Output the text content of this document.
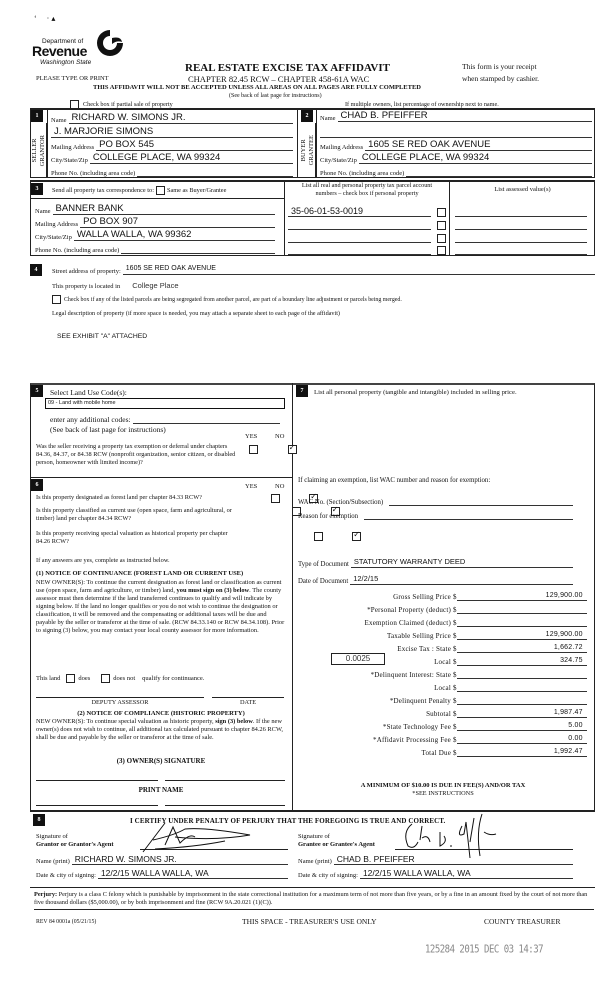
‘     · ▴
Department of
Revenue
Washington State	REAL ESTATE EXCISE TAX AFFIDAVIT	This form is your receipt
PLEASE TYPE OR PRINT	CHAPTER 82.45 RCW – CHAPTER 458-61A WAC	when stamped by cashier.
THIS AFFIDAVIT WILL NOT BE ACCEPTED UNLESS ALL AREAS ON ALL PAGES ARE FULLY COMPLETED
(See back of last page for instructions)
Check box if partial sale of property	If multiple owners, list percentage of ownership next to name.
1
SELLER
GRANTOR
Name RICHARD W. SIMONS JR.
J. MARJORIE SIMONS
Mailing Address PO BOX 545
City/State/Zip COLLEGE PLACE, WA 99324
Phone No. (including area code)
2
BUYER
GRANTEE
Name CHAD B. PFEIFFER
Mailing Address 1605 SE RED OAK AVENUE
City/State/Zip COLLEGE PLACE, WA 99324
Phone No. (including area code)
3	Send all property tax correspondence to: Same as Buyer/Grantee
Name BANNER BANK
Mailing Address PO BOX 907
City/State/Zip WALLA WALLA, WA 99362
Phone No. (including area code)
List all real and personal property tax parcel account
numbers – check box if personal property
List assessed value(s)
35-06-01-53-0019
4	Street address of property: 1605 SE RED OAK AVENUE
This property is located in College Place
Check box if any of the listed parcels are being segregated from another parcel, are part of a boundary line adjustment or parcels being merged.
Legal description of property (if more space is needed, you may attach a separate sheet to each page of the affidavit)
SEE EXHIBIT "A" ATTACHED
5	Select Land Use Code(s):
09 - Land with mobile home
enter any additional codes:
(See back of last page for instructions)
YES	NO
Was the seller receiving a property tax exemption or deferral under chapters 84.36, 84.37, or 84.38 RCW (nonprofit organization, senior citizen, or disabled person, homeowner with limited income)?
✓
6	YES	NO
Is this property designated as forest land per chapter 84.33 RCW?
✓
Is this property classified as current use (open space, farm and agricultural, or timber) land per chapter 84.34 RCW?
✓
Is this property receiving special valuation as historical property per chapter 84.26 RCW?
✓
If any answers are yes, complete as instructed below.
(1) NOTICE OF CONTINUANCE (FOREST LAND OR CURRENT USE)
NEW OWNER(S): To continue the current designation as forest land or classification as current use (open space, farm and agriculture, or timber) land, you must sign on (3) below. The county assessor must then determine if the land transferred continues to qualify and will indicate by signing below. If the land no longer qualifies or you do not wish to continue the designation or classification, it will be removed and the compensating or additional taxes will be due and payable by the seller or transferor at the time of sale. (RCW 84.33.140 or RCW 84.34.108). Prior to signing (3) below, you may contact your local county assessor for more information.
This land	does	does not qualify for continuance.
DEPUTY ASSESSOR	DATE
(2) NOTICE OF COMPLIANCE (HISTORIC PROPERTY)
NEW OWNER(S): To continue special valuation as historic property, sign (3) below. If the new owner(s) does not wish to continue, all additional tax calculated pursuant to chapter 84.26 RCW, shall be due and payable by the seller or transferor at the time of sale.
(3) OWNER(S) SIGNATURE
PRINT NAME
7	List all personal property (tangible and intangible) included in selling price.
If claiming an exemption, list WAC number and reason for exemption:
WAC No. (Section/Subsection)
Reason for exemption
Type of Document STATUTORY WARRANTY DEED
Date of Document 12/2/15
Gross Selling Price $	129,900.00
*Personal Property (deduct) $
Exemption Claimed (deduct) $
Taxable Selling Price $	129,900.00
Excise Tax : State $	1,662.72
0.0025	Local $	324.75
*Delinquent Interest: State $
Local $
*Delinquent Penalty $
Subtotal $	1,987.47
*State Technology Fee $	5.00
*Affidavit Processing Fee $	0.00
Total Due $	1,992.47
A MINIMUM OF $10.00 IS DUE IN FEE(S) AND/OR TAX
*SEE INSTRUCTIONS
8	I CERTIFY UNDER PENALTY OF PERJURY THAT THE FOREGOING IS TRUE AND CORRECT.
Signature of
Grantor or Grantor's Agent
Name (print) RICHARD W. SIMONS JR.
Date & city of signing: 12/2/15 WALLA WALLA, WA
Signature of
Grantee or Grantee's Agent
Name (print) CHAD B. PFEIFFER
Date & city of signing: 12/2/15 WALLA WALLA, WA
Perjury: Perjury is a class C felony which is punishable by imprisonment in the state correctional institution for a maximum term of not more than five years, or by a fine in an amount fixed by the court of not more than five thousand dollars ($5,000.00), or by both imprisonment and fine (RCW 9A.20.021 (1)(C)).
REV 84 0001a (05/21/15)	THIS SPACE - TREASURER'S USE ONLY	COUNTY TREASURER
125284 2015 DEC 03 14:37
